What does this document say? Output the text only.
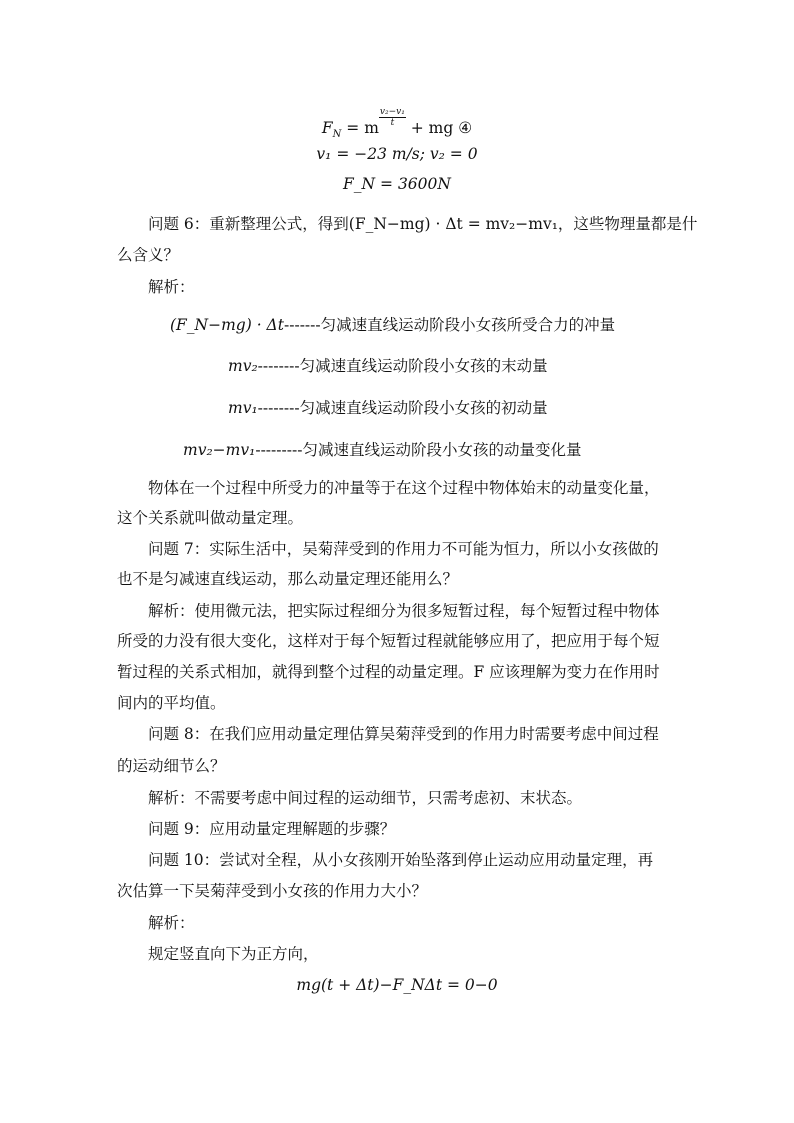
$F_N = m \frac{\text{v₂−v₁}}{t}$ + mg ④
v₁ = −23 m/s; v₂ = 0
F_N = 3600N
问题 6：重新整理公式，得到(F_N−mg) · Δt = mv₂−mv₁，这些物理量都是什
么含义？
解析：
(F_N−mg) · Δt-------匀减速直线运动阶段小女孩所受合力的冲量
mv₂--------匀减速直线运动阶段小女孩的末动量
mv₁--------匀减速直线运动阶段小女孩的初动量
mv₂−mv₁---------匀减速直线运动阶段小女孩的动量变化量
物体在一个过程中所受力的冲量等于在这个过程中物体始末的动量变化量，
这个关系就叫做动量定理。
问题 7：实际生活中，吴菊萍受到的作用力不可能为恒力，所以小女孩做的
也不是匀减速直线运动，那么动量定理还能用么？
解析：使用微元法，把实际过程细分为很多短暂过程，每个短暂过程中物体
所受的力没有很大变化，这样对于每个短暂过程就能够应用了，把应用于每个短
暂过程的关系式相加，就得到整个过程的动量定理。F 应该理解为变力在作用时
间内的平均值。
问题 8：在我们应用动量定理估算吴菊萍受到的作用力时需要考虑中间过程
的运动细节么？
解析：不需要考虑中间过程的运动细节，只需考虑初、末状态。
问题 9：应用动量定理解题的步骤？
问题 10：尝试对全程，从小女孩刚开始坠落到停止运动应用动量定理，再
次估算一下吴菊萍受到小女孩的作用力大小？
解析：
规定竖直向下为正方向，
mg(t + Δt)−F_NΔt = 0−0
